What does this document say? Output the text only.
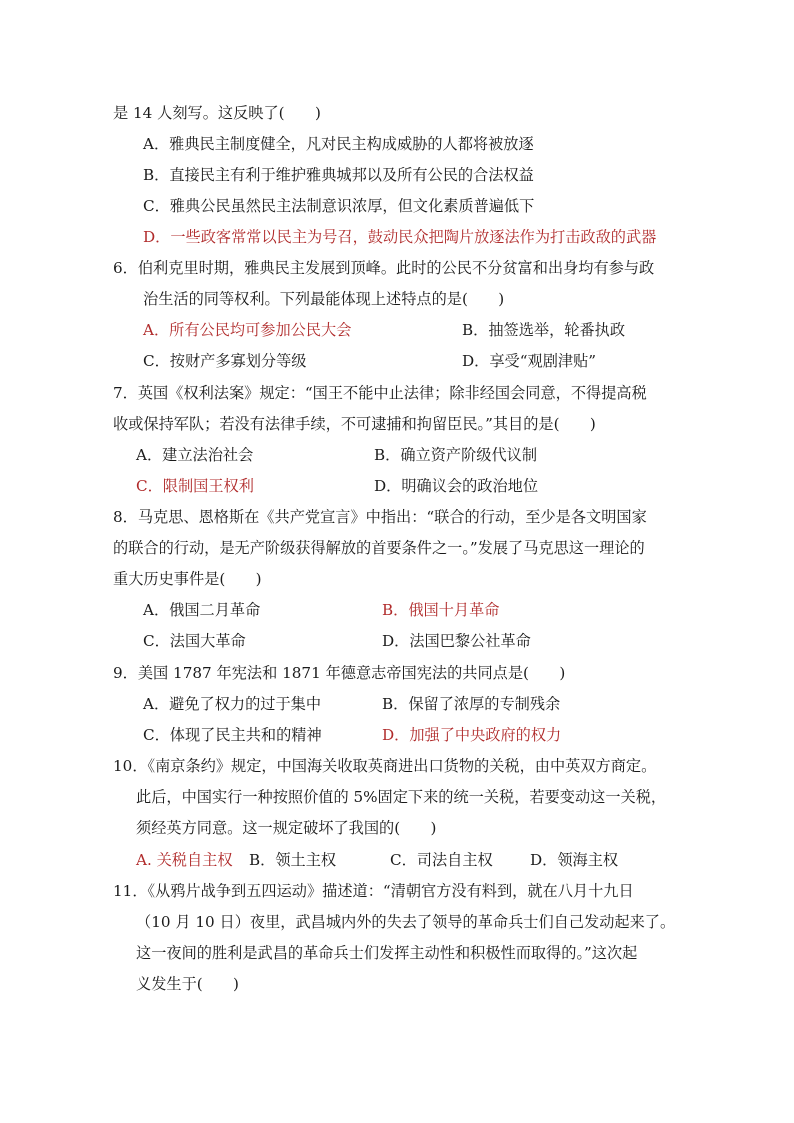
是 14 人刻写。这反映了(　　)
A．雅典民主制度健全，凡对民主构成威胁的人都将被放逐
B．直接民主有利于维护雅典城邦以及所有公民的合法权益
C．雅典公民虽然民主法制意识浓厚，但文化素质普遍低下
D．一些政客常常以民主为号召，鼓动民众把陶片放逐法作为打击政敌的武器
6．伯利克里时期，雅典民主发展到顶峰。此时的公民不分贫富和出身均有参与政
治生活的同等权利。下列最能体现上述特点的是(　　)
A．所有公民均可参加公民大会	B．抽签选举，轮番执政
C．按财产多寡划分等级	D．享受“观剧津贴”
7．英国《权利法案》规定：“国王不能中止法律；除非经国会同意，不得提高税
收或保持军队；若没有法律手续，不可逮捕和拘留臣民。”其目的是(　　)
A．建立法治社会	B．确立资产阶级代议制
C．限制国王权利	D．明确议会的政治地位
8．马克思、恩格斯在《共产党宣言》中指出：“联合的行动，至少是各文明国家
的联合的行动，是无产阶级获得解放的首要条件之一。”发展了马克思这一理论的
重大历史事件是(　　)
A．俄国二月革命	B．俄国十月革命
C．法国大革命	D．法国巴黎公社革命
9．美国 1787 年宪法和 1871 年德意志帝国宪法的共同点是(　　)
A．避免了权力的过于集中	B．保留了浓厚的专制残余
C．体现了民主共和的精神	D．加强了中央政府的权力
10．《南京条约》规定，中国海关收取英商进出口货物的关税，由中英双方商定。
此后，中国实行一种按照价值的 5%固定下来的统一关税，若要变动这一关税，
须经英方同意。这一规定破坏了我国的(　　)
A. 关税自主权 B．领土主权	C．司法自主权 D．领海主权
11．《从鸦片战争到五四运动》描述道：“清朝官方没有料到，就在八月十九日
（10 月 10 日）夜里，武昌城内外的失去了领导的革命兵士们自己发动起来了。
这一夜间的胜利是武昌的革命兵士们发挥主动性和积极性而取得的。”这次起
义发生于(　　)
